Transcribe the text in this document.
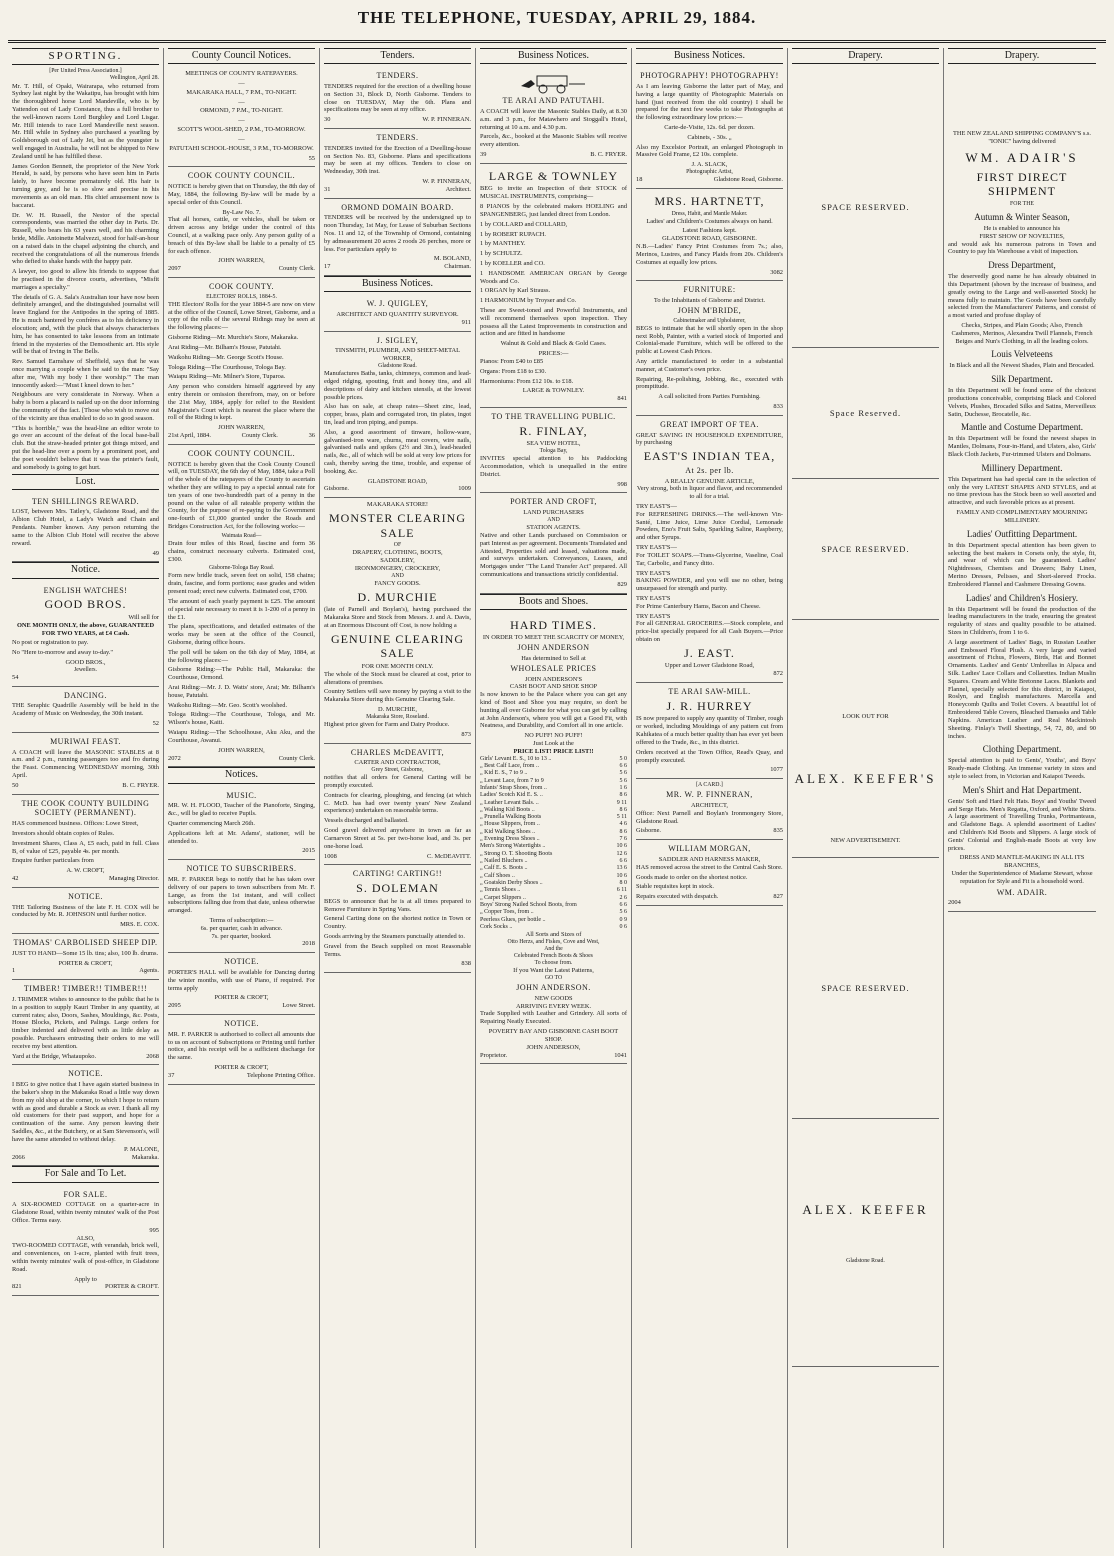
THE TELEPHONE, TUESDAY, APRIL 29, 1884.
SPORTING.
[Per United Press Association.]
Wellington, April 28.

Mr. T. Hill, of Opaki, Wairarapa, who returned from Sydney last night by the Wakatipu, has brought with him the thoroughbred horse Lord Mandeville, who is by Yattendon out of Lady Constance, thus a full brother to the well-known racers Lord Burghley and Lord Lisgar. Mr. Hill intends to race Lord Mandeville next season. Mr. Hill while in Sydney also purchased a yearling by Goldsborough out of Lady Jet, but as the youngster is well engaged in Australia, he will not be shipped to New Zealand until he has fulfilled these.

James Gordon Bennett, the proprietor of the New York Herald, is said, by persons who have seen him in Paris lately, to have become prematurely old. His hair is turning grey, and he is so slow and precise in his movements as an old man. His chief amusement now is baccarat.

Dr. W. H. Russell, the Nestor of the special correspondents, was married the other day in Paris. Dr. Russell, who bears his 63 years well, and his charming bride, Mdlle. Antoinette Malvezzi, stood for half-an-hour on a raised dais in the chapel adjoining the church, and received the congratulations of all the numerous friends who defied to shake hands with the happy pair.

A lawyer, too good to allow his friends to suppose that he practised in the divorce courts, advertises, "Misfit marriages a specialty."

The details of G. A. Sala's Australian tour have now been definitely arranged, and the distinguished journalist will leave England for the Antipodes in the spring of 1885. He is much bantered by confrères as to his deficiency in elocution; and, with the pluck that always characterises him, he has consented to take lessons from an intimate friend in the mysteries of the Demosthenic art. His style will be that of Irving in The Bells.

Rev. Samuel Earnshaw of Sheffield, says that he was once marrying a couple when he said to the man: "Say after me, 'With my body I thee worship.'" The man innocently asked:—"Must I kneel down to her."

Neighbours are very considerate in Norway. When a baby is born a placard is nailed up on the door informing the community of the fact. [Those who wish to move out of the vicinity are thus enabled to do so in good season.

"This is horrible," was the head-line an editor wrote to go over an account of the defeat of the local base-ball club. But the straw-headed printer got things mixed, and put the head-line over a poem by a prominent poet, and the poet wouldn't believe that it was the printer's fault, and somebody is going to get hurt.

Lost.
TEN SHILLINGS REWARD.

LOST, between Mrs. Tatley's, Gladstone Road, and the Albion Club Hotel, a Lady's Watch and Chain and Pendants. Number known. Any person returning the same to the Albion Club Hotel will receive the above reward.

49
Notice.
ENGLISH WATCHES!
GOOD BROS.
Will sell for

ONE MONTH ONLY, the above, GUARANTEED FOR TWO YEARS, at £4 Cash.

No post or registration to pay.

No "Here to-morrow and away to-day."

GOOD BROS.,
Jewellers.
54
DANCING.

THE Seraphic Quadrille Assembly will be held in the Academy of Music on Wednesday, the 30th instant.

52
MURIWAI FEAST.

A COACH will leave the MASONIC STABLES at 8 a.m. and 2 p.m., running passengers too and fro during the Feast. Commencing WEDNESDAY morning, 30th April.

50	B. C. FRYER.
THE COOK COUNTY BUILDING SOCIETY (PERMANENT).

HAS commenced business. Offices: Lowe Street,

Investors should obtain copies of Rules.

Investment Shares, Class A, £5 each, paid in full. Class B, of value of £25, payable 4s. per month.

Enquire further particulars from

A. W. CROFT,
42	Managing Director.
NOTICE.

THE Tailoring Business of the late F. H. COX will be conducted by Mr. R. JOHNSON until further notice.

MRS. E. COX.
THOMAS' CARBOLISED SHEEP DIP.

JUST TO HAND—Some 15 lb. tins; also, 100 lb. drums.

PORTER & CROFT,
1	Agents.
TIMBER! TIMBER!! TIMBER!!!

J. TRIMMER wishes to announce to the public that he is in a position to supply Kauri Timber in any quantity, at current rates; also, Doors, Sashes, Mouldings, &c. Posts, House Blocks, Pickets, and Palings. Large orders for timber indented and delivered with as little delay as possible. Purchasers entrusting their orders to me will receive my best attention.

Yard at the Bridge, Whataupoko.	2068
NOTICE.

I BEG to give notice that I have again started business in the baker's shop in the Makaraka Road a little way down from my old shop at the corner, to which I hope to return with as good and durable a Stock as ever. I thank all my old customers for their past support, and hope for a continuation of the same. Any person leaving their Saddles, &c., at the Butchery, or at Sam Stevenson's, will have the same attended to without delay.

P. MALONE,
2066	Makaraka.
For Sale and To Let.
FOR SALE.

A SIX-ROOMED COTTAGE on a quarter-acre in Gladstone Road, within twenty minutes' walk of the Post Office. Terms easy.

995
ALSO,

TWO-ROOMED COTTAGE, with verandah, brick well, and conveniences, on 1-acre, planted with fruit trees, within twenty minutes' walk of post-office, in Gladstone Road.

Apply to
821	PORTER & CROFT.
County Council Notices.

MEETINGS OF COUNTY RATEPAYERS.

—

MAKARAKA HALL, 7 P.M., TO-NIGHT.

—

ORMOND, 7 P.M., TO-NIGHT.

—

SCOTT'S WOOL-SHED, 2 P.M., TO-MORROW.

—

PATUTAHI SCHOOL-HOUSE, 3 P.M., TO-MORROW.

55
COOK COUNTY COUNCIL.

NOTICE is hereby given that on Thursday, the 8th day of May, 1884, the following By-law will be made by a special order of this Council.

By-Law No. 7.

That all horses, cattle, or vehicles, shall be taken or driven across any bridge under the control of this Council, at a walking pace only. Any person guilty of a breach of this By-law shall be liable to a penalty of £5 for each offence.

JOHN WARREN,
2097	County Clerk.
COOK COUNTY.
ELECTORS' ROLLS, 1884-5.

THE Electors' Rolls for the year 1884-5 are now on view at the office of the Council, Lowe Street, Gisborne, and a copy of the rolls of the several Ridings may be seen at the following places:—

Gisborne Riding—Mr. Murchie's Store, Makaraka.

Arai Riding—Mr. Bilham's House, Patutahi.

Waikohu Riding—Mr. George Scott's House.

Tologa Riding—The Courthouse, Tologa Bay.

Waiapu Riding—Mr. Milner's Store, Tuparoa.

Any person who considers himself aggrieved by any entry therein or omission therefrom, may, on or before the 21st May, 1884, apply for relief to the Resident Magistrate's Court which is nearest the place where the roll of the Riding is kept.

JOHN WARREN,
21st April, 1884.	County Clerk.	36
COOK COUNTY COUNCIL.

NOTICE is hereby given that the Cook County Council will, on TUESDAY, the 6th day of May, 1884, take a Poll of the whole of the ratepayers of the County to ascertain whether they are willing to pay a special annual rate for ten years of one two-hundredth part of a penny in the pound on the value of all rateable property within the County, for the purpose of re-paying to the Government one-fourth of £1,000 granted under the Roads and Bridges Construction Act, for the following works:—

Waimata Road—

Drain four miles of this Road, fascine and form 36 chains, construct necessary culverts. Estimated cost, £300.

Gisborne-Tologa Bay Road.

Form new bridle track, seven feet on solid, 158 chains; drain, fascine, and form portions; ease grades and widen present road; erect new culverts. Estimated cost, £700.

The amount of each yearly payment is £25. The amount of special rate necessary to meet it is 1-200 of a penny in the £1.

The plans, specifications, and detailed estimates of the works may be seen at the office of the Council, Gisborne, during office hours.

The poll will be taken on the 6th day of May, 1884, at the following places:—

Gisborne Riding:—The Public Hall, Makaraka: the Courthouse, Ormond.

Arai Riding:—Mr. J. D. Watts' store, Arai; Mr. Bilham's house, Patutahi.

Waikohu Riding:—Mr. Geo. Scott's woolshed.

Tologa Riding:—The Courthouse, Tologa, and Mr. Wilson's house, Kaiti.

Waiapu Riding:—The Schoolhouse, Aku Aku, and the Courthouse, Awanui.

JOHN WARREN,
2072	County Clerk.
Notices.
MUSIC.

MR. W. H. FLOOD, Teacher of the Pianoforte, Singing, &c., will be glad to receive Pupils.

Quarter commencing March 26th.

Applications left at Mr. Adams', stationer, will be attended to.

2015
NOTICE TO SUBSCRIBERS.

MR. F. PARKER begs to notify that he has taken over delivery of our papers to town subscribers from Mr. F. Lange, as from the 1st instant, and will collect subscriptions falling due from that date, unless otherwise arranged.

Terms of subscription:—
6s. per quarter, cash in advance.
7s. per quarter, booked.
2018
NOTICE.

PORTER'S HALL will be available for Dancing during the winter months, with use of Piano, if required. For terms apply

PORTER & CROFT,
2095	Lowe Street.
NOTICE.

MR. F. PARKER is authorised to collect all amounts due to us on account of Subscriptions or Printing until further notice, and his receipt will be a sufficient discharge for the same.

PORTER & CROFT,
37	Telephone Printing Office.
Tenders.
TENDERS.

TENDERS required for the erection of a dwelling house on Section 31, Block D, North Gisborne. Tenders to close on TUESDAY, May the 6th. Plans and specifications may be seen at my office.

30	W. P. FINNERAN.
TENDERS.

TENDERS invited for the Erection of a Dwelling-house on Section No. 83, Gisborne. Plans and specifications may be seen at my offices. Tenders to close on Wednesday, 30th inst.

W. P. FINNERAN,
31	Architect.
ORMOND DOMAIN BOARD.

TENDERS will be received by the undersigned up to noon Thursday, 1st May, for Lease of Suburban Sections Nos. 11 and 12, of the Township of Ormond, containing by admeasurement 20 acres 2 roods 26 perches, more or less. For particulars apply to

M. BOLAND,
17	Chairman.
Business Notices.
W. J. QUIGLEY,
ARCHITECT AND QUANTITY SURVEYOR.
911
J. SIGLEY,
TINSMITH, PLUMBER, AND SHEET-METAL WORKER,
Gladstone Road.

Manufactures Baths, tanks, chimneys, common and lead-edged ridging, spouting, fruit and honey tins, and all descriptions of dairy and kitchen utensils, at the lowest possible prices.

Also has on sale, at cheap rates—Sheet zinc, lead, copper, brass, plain and corrugated iron, tin plates, ingot tin, lead and iron piping, and pumps.

Also, a good assortment of tinware, hollow-ware, galvanised-iron ware, churns, meat covers, wire nails, galvanised nails and spikes (2½ and 3in.), lead-headed nails, &c., all of which will be sold at very low prices for cash, thereby saving the time, trouble, and expense of booking, &c.

GLADSTONE ROAD,
Gisborne.	1009
MAKARAKA STORE!
MONSTER CLEARING SALE
OF
DRAPERY, CLOTHING, BOOTS,
SADDLERY,
IRONMONGERY, CROCKERY,
AND
FANCY GOODS.
D. MURCHIE

(late of Parnell and Boylan's), having purchased the Makaraka Store and Stock from Messrs. J. and A. Davis, at an Enormous Discount off Cost, is now holding a

GENUINE CLEARING SALE
FOR ONE MONTH ONLY.

The whole of the Stock must be cleared at cost, prior to alterations of premises.

Country Settlers will save money by paying a visit to the Makaraka Store during this Genuine Clearing Sale.

D. MURCHIE,
Makaraka Store, Roseland.

Highest price given for Farm and Dairy Produce.

873
CHARLES McDEAVITT,
CARTER AND CONTRACTOR,
Grey Street, Gisborne,

notifies that all orders for General Carting will be promptly executed.

Contracts for clearing, ploughing, and fencing (at which C. McD. has had over twenty years' New Zealand experience) undertaken on reasonable terms.

Vessels discharged and ballasted.

Good gravel delivered anywhere in town as far as Carnarvon Street at 5s. per two-horse load, and 3s. per one-horse load.

1008	C. McDEAVITT.
CARTING! CARTING!!
S. DOLEMAN

BEGS to announce that he is at all times prepared to Remove Furniture in Spring Vans.

General Carting done on the shortest notice in Town or Country.

Goods arriving by the Steamers punctually attended to.

Gravel from the Beach supplied on most Reasonable Terms.

838
Business Notices.
TE ARAI AND PATUTAHI.

A COACH will leave the Masonic Stables Daily, at 8.30 a.m. and 3 p.m., for Matawhero and Stoggall's Hotel, returning at 10 a.m. and 4.30 p.m.

Parcels, &c., booked at the Masonic Stables will receive every attention.

39	B. C. FRYER.
LARGE & TOWNLEY

BEG to invite an Inspection of their STOCK of MUSICAL INSTRUMENTS, comprising—

8 PIANOS by the celebrated makers HOELING and SPANGENBERG, just landed direct from London.

1 by COLLARD and COLLARD,

1 by ROBERT RUPACH.

1 by MANTHEY.

1 by SCHULTZ.

1 by KOELLER and CO.

1 HANDSOME AMERICAN ORGAN by George Woods and Co.

1 ORGAN by Karl Strauss.

1 HARMONIUM by Troyser and Co.

These are Sweet-toned and Powerful Instruments, and will recommend themselves upon inspection. They possess all the Latest Improvements in construction and action and are fitted in handsome

Walnut & Gold and Black & Gold Cases.

PRICES:—

Pianos: From £40 to £85

Organs: From £18 to £30.

Harmoniums: From £12 10s. to £18.

LARGE & TOWNLEY.
841
TO THE TRAVELLING PUBLIC.
R. FINLAY,
SEA VIEW HOTEL,
Tologa Bay,

INVITES special attention to his Paddocking Accommodation, which is unequalled in the entire District.

998
PORTER AND CROFT,
LAND PURCHASERS
AND
STATION AGENTS.

Native and other Lands purchased on Commission or part Interest as per agreement. Documents Translated and Attested, Properties sold and leased, valuations made, and surveys undertaken. Conveyances, Leases, and Mortgages under "The Land Transfer Act" prepared. All communications and transactions strictly confidential.

829
Boots and Shoes.
HARD TIMES.
IN ORDER TO MEET THE SCARCITY OF MONEY,
JOHN ANDERSON
Has determined to Sell at
WHOLESALE PRICES
JOHN ANDERSON'S
CASH BOOT AND SHOE SHOP

Is now known to be the Palace where you can get any kind of Boot and Shoe you may require, so don't be hunting all over Gisborne for what you can get by calling at John Anderson's, where you will get a Good Fit, with Neatness, and Durability, and Comfort all in one article.

NO PUFF! NO PUFF!
Just Look at the
PRICE LIST! PRICE LIST!!
Girls' Levant E. S., 10 to 13 ..	5 0
„ Best Calf Lace, from ..	6 6
„ Kid E. S., 7 to 9 ..	5 6
„ Levant Lace, from 7 to 9	5 6
Infants' Strap Shoes, from ..	1 6
Ladies' Scotch Kid E. S. ..	8 6
„ Leather Levant Bals. ..	9 11
„ Walking Kid Boots ..	8 6
„ Prunella Walking Boots	5 11
„ House Slippers, from ..	4 6
„ Kid Walking Shoes ..	8 6
„ Evening Dress Shoes ..	7 6
Men's Strong Watertights ..	10 6
„ Strong O. T. Shooting Boots	12 6
„ Nailed Bluchers ..	6 6
„ Calf E. S. Boots ..	13 6
„ Calf Shoes ..	10 6
„ Goatskin Derby Shoes ..	8 0
„ Tennis Shoes ..	6 11
„ Carpet Slippers ..	2 6
Boys' Strong Nailed School Boots, from	6 6
„ Copper Toes, from ..	5 6
Peerless Glues, per bottle ..	0 9
Cork Socks ..	0 6
All Sorts and Sizes of
Otto Herzs, and Fiskes, Cove and West,
And the
Celebrated French Boots & Shoes
To choose from.
If you Want the Latest Patterns,
GO TO
JOHN ANDERSON.
NEW GOODS
ARRIVING EVERY WEEK.

Trade Supplied with Leather and Grindery. All sorts of Repairing Neatly Executed.

POVERTY BAY AND GISBORNE CASH BOOT SHOP.
JOHN ANDERSON,
Proprietor.	1041
Business Notices.
PHOTOGRAPHY! PHOTOGRAPHY!

As I am leaving Gisborne the latter part of May, and having a large quantity of Photographic Materials on hand (just received from the old country) I shall be prepared for the next few weeks to take Photographs at the following extraordinary low prices:—

Carte-de-Visite, 12s. 6d. per dozen.

Cabinets, - 30s. „

Also my Excelsior Portrait, an enlarged Photograph in Massive Gold Frame, £2 10s. complete.

J. A. SLACK,
Photographic Artist,
18	Gladstone Road, Gisborne.
MRS. HARTNETT,
Dress, Habit, and Mantle Maker.

Ladies' and Children's Costumes always on hand.

Latest Fashions kept.
GLADSTONE ROAD, GISBORNE.

N.B.—Ladies' Fancy Print Costumes from 7s.; also, Merinos, Lustres, and Fancy Plaids from 20s. Children's Costumes at equally low prices.

3082
FURNITURE:
To the Inhabitants of Gisborne and District.
JOHN M'BRIDE,
Cabinetmaker and Upholsterer,

BEGS to intimate that he will shortly open in the shop next Robb, Painter, with a varied stock of Imported and Colonial-made Furniture, which will be offered to the public at Lowest Cash Prices.

Any article manufactured to order in a substantial manner, at Customer's own price.

Repairing, Re-polishing, Jobbing, &c., executed with promptitude.

A call solicited from Parties Furnishing.

833
GREAT IMPORT OF TEA.

GREAT SAVING IN HOUSEHOLD EXPENDITURE, by purchasing

EAST'S INDIAN TEA,
At 2s. per lb.
A REALLY GENUINE ARTICLE,

Very strong, both in liquor and flavor, and recommended to all for a trial.

TRY EAST'S—

For REFRESHING DRINKS.—The well-known Vin-Santé, Lime Juice, Lime Juice Cordial, Lemonade Powders, Eno's Fruit Salts, Sparkling Saline, Raspberry, and other Syrups.

TRY EAST'S—

For TOILET SOAPS.—Trans-Glycerine, Vaseline, Coal Tar, Carbolic, and Fancy ditto.

TRY EAST'S

BAKING POWDER, and you will use no other, being unsurpassed for strength and purity.

TRY EAST'S

For Prime Canterbury Hams, Bacon and Cheese.

TRY EAST'S

For all GENERAL GROCERIES.—Stock complete, and price-list specially prepared for all Cash Buyers.—Price obtain on

J. EAST.
Upper and Lower Gladstone Road,
872
TE ARAI SAW-MILL.
J. R. HURREY

IS now prepared to supply any quantity of Timber, rough or worked, including Mouldings of any pattern cut from Kahikatea of a much better quality than has ever yet been offered to the Trade, &c., in this district.

Orders received at the Town Office, Read's Quay, and promptly executed.

1077
[A CARD.]
MR. W. P. FINNERAN,
ARCHITECT,

Office: Next Parnell and Boylan's Ironmongery Store, Gladstone Road.

Gisborne.	835
WILLIAM MORGAN,
SADDLER AND HARNESS MAKER,

HAS removed across the street to the Central Cash Store.

Goods made to order on the shortest notice.

Stable requisites kept in stock.

Repairs executed with despatch.	827
Drapery.
SPACE RESERVED.
Space Reserved.
SPACE RESERVED.
LOOK OUT FOR
ALEX. KEEFER'S
NEW ADVERTISEMENT.
SPACE RESERVED.
ALEX. KEEFER
Gladstone Road.
Drapery.

THE NEW ZEALAND SHIPPING COMPANY'S s.s. "IONIC" having delivered

WM. ADAIR'S
FIRST DIRECT SHIPMENT
FOR THE
Autumn & Winter Season,
He is enabled to announce his
FIRST SHOW OF NOVELTIES,

and would ask his numerous patrons in Town and Country to pay his Warehouse a visit of inspection.

Dress Department,

The deservedly good name he has already obtained in this Department (shown by the increase of business, and greatly owing to the Large and well-assorted Stock) he means fully to maintain. The Goods have been carefully selected from the Manufacturers' Patterns, and consist of a most varied and profuse display of

Checks, Stripes, and Plain Goods; Also, French Cashmeres, Merinos, Alexandra Twill Flannels, French Beiges and Nun's Clothing, in all the leading colors.

Louis Velveteens

In Black and all the Newest Shades, Plain and Brocaded.

Silk Department.

In this Department will be found some of the choicest productions conceivable, comprising Black and Colored Velvets, Plushes, Brocaded Silks and Satins, Merveilleux Satin, Duchesse, Brocatelle, &c.

Mantle and Costume Department.

In this Department will be found the newest shapes in Mantles, Dolmans, Four-in-Hand, and Ulsters, also, Girls' Black Cloth Jackets, Fur-trimmed Ulsters and Dolmans.

Millinery Department.

This Department has had special care in the selection of only the very LATEST SHAPES AND STYLES, and at no time previous has the Stock been so well assorted and attractive, and such favorable prices as at present.

FAMILY AND COMPLIMENTARY MOURNING MILLINERY.

Ladies' Outfitting Department.

In this Department special attention has been given to selecting the best makers in Corsets only, the style, fit, and wear of which can be guaranteed. Ladies' Nightdresses, Chemises and Drawers; Baby Linen, Merino Dresses, Pelisses, and Short-sleeved Frocks. Embroidered Flannel and Cashmere Dressing Gowns.

Ladies' and Children's Hosiery.

In this Department will be found the production of the leading manufacturers in the trade, ensuring the greatest regularity of sizes and quality possible to be attained. Sizes in Children's, from 1 to 6.

A large assortment of Ladies' Bags, in Russian Leather and Embossed Floral Plush. A very large and varied assortment of Fichus, Flowers, Birds, Hat and Bonnet Ornaments. Ladies' and Gents' Umbrellas in Alpaca and Silk. Ladies' Lace Collars and Collarettes. Indian Muslin Squares. Cream and White Bretonne Laces. Blankets and Flannel, specially selected for this district, in Kaiapoi, Roslyn, and English manufactures. Marcella and Honeycomb Quilts and Toilet Covers. A beautiful lot of Embroidered Table Covers, Bleached Damasks and Table Napkins. American Leather and Real Mackintosh Sheeting. Finlay's Twill Sheetings, 54, 72, 80, and 90 inches.

Clothing Department.

Special attention is paid to Gents', Youths', and Boys' Ready-made Clothing. An immense variety in sizes and style to select from, in Victorian and Kaiapoi Tweeds.

Men's Shirt and Hat Department.

Gents' Soft and Hard Felt Hats. Boys' and Youths' Tweed and Serge Hats. Men's Regatta, Oxford, and White Shirts. A large assortment of Travelling Trunks, Portmanteaus, and Gladstone Bags. A splendid assortment of Ladies' and Children's Kid Boots and Slippers. A large stock of Gents' Colonial and English-made Boots at very low prices.

DRESS AND MANTLE-MAKING IN ALL ITS BRANCHES,

Under the Superintendence of Madame Stewart, whose reputation for Style and Fit is a household word.

WM. ADAIR.
2004
